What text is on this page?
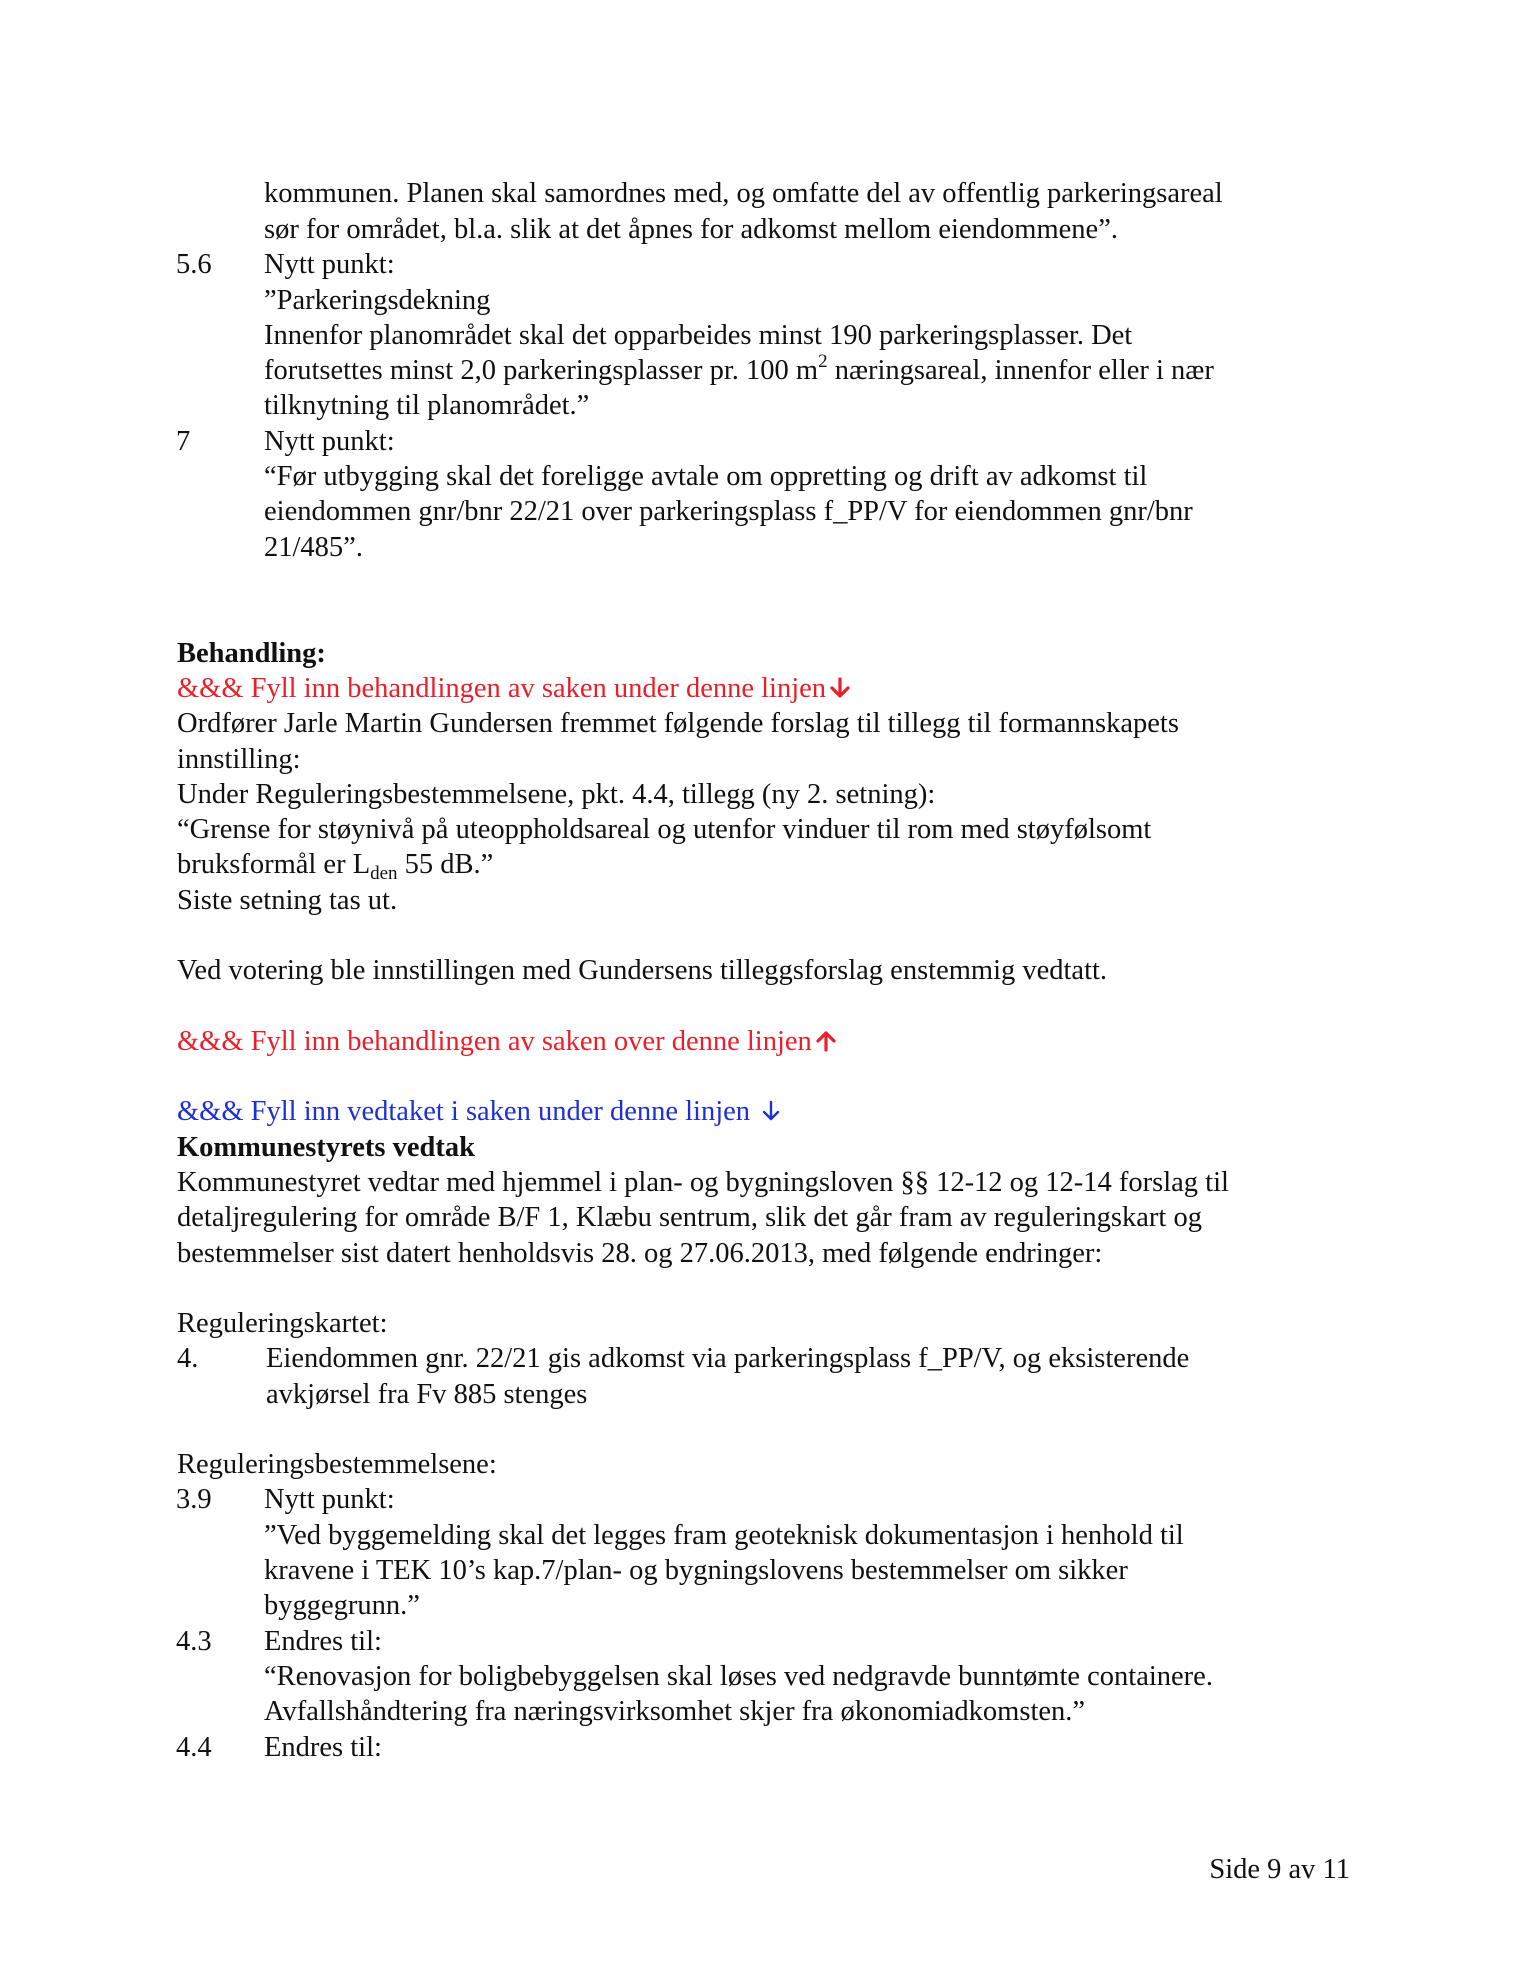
kommunen. Planen skal samordnes med, og omfatte del av offentlig parkeringsareal
sør for området, bl.a. slik at det åpnes for adkomst mellom eiendommene”.
5.6 Nytt punkt:
”Parkeringsdekning
Innenfor planområdet skal det opparbeides minst 190 parkeringsplasser. Det
forutsettes minst 2,0 parkeringsplasser pr. 100 $m^2$ næringsareal, innenfor eller i nær
tilknytning til planområdet.”
7	Nytt punkt:
“Før utbygging skal det foreligge avtale om oppretting og drift av adkomst til
eiendommen gnr/bnr 22/21 over parkeringsplass f_PP/V for eiendommen gnr/bnr
21/485”.
Behandling:
&&& Fyll inn behandlingen av saken under denne linjen
Ordfører Jarle Martin Gundersen fremmet følgende forslag til tillegg til formannskapets
innstilling:
Under Reguleringsbestemmelsene, pkt. 4.4, tillegg (ny 2. setning):
“Grense for støynivå på uteoppholdsareal og utenfor vinduer til rom med støyfølsomt
bruksformål er $L_{den}$ 55 dB.”
Siste setning tas ut.
Ved votering ble innstillingen med Gundersens tilleggsforslag enstemmig vedtatt.
&&& Fyll inn behandlingen av saken over denne linjen
&&& Fyll inn vedtaket i saken under denne linjen
Kommunestyrets vedtak
Kommunestyret vedtar med hjemmel i plan- og bygningsloven §§ 12-12 og 12-14 forslag til
detaljregulering for område B/F 1, Klæbu sentrum, slik det går fram av reguleringskart og
bestemmelser sist datert henholdsvis 28. og 27.06.2013, med følgende endringer:
Reguleringskartet:
4. Eiendommen gnr. 22/21 gis adkomst via parkeringsplass f_PP/V, og eksisterende
avkjørsel fra Fv 885 stenges
Reguleringsbestemmelsene:
3.9 Nytt punkt:
”Ved byggemelding skal det legges fram geoteknisk dokumentasjon i henhold til
kravene i TEK 10’s kap.7/plan- og bygningslovens bestemmelser om sikker
byggegrunn.”
4.3 Endres til:
“Renovasjon for boligbebyggelsen skal løses ved nedgravde bunntømte containere.
Avfallshåndtering fra næringsvirksomhet skjer fra økonomiadkomsten.”
4.4 Endres til:
Side 9 av 11
